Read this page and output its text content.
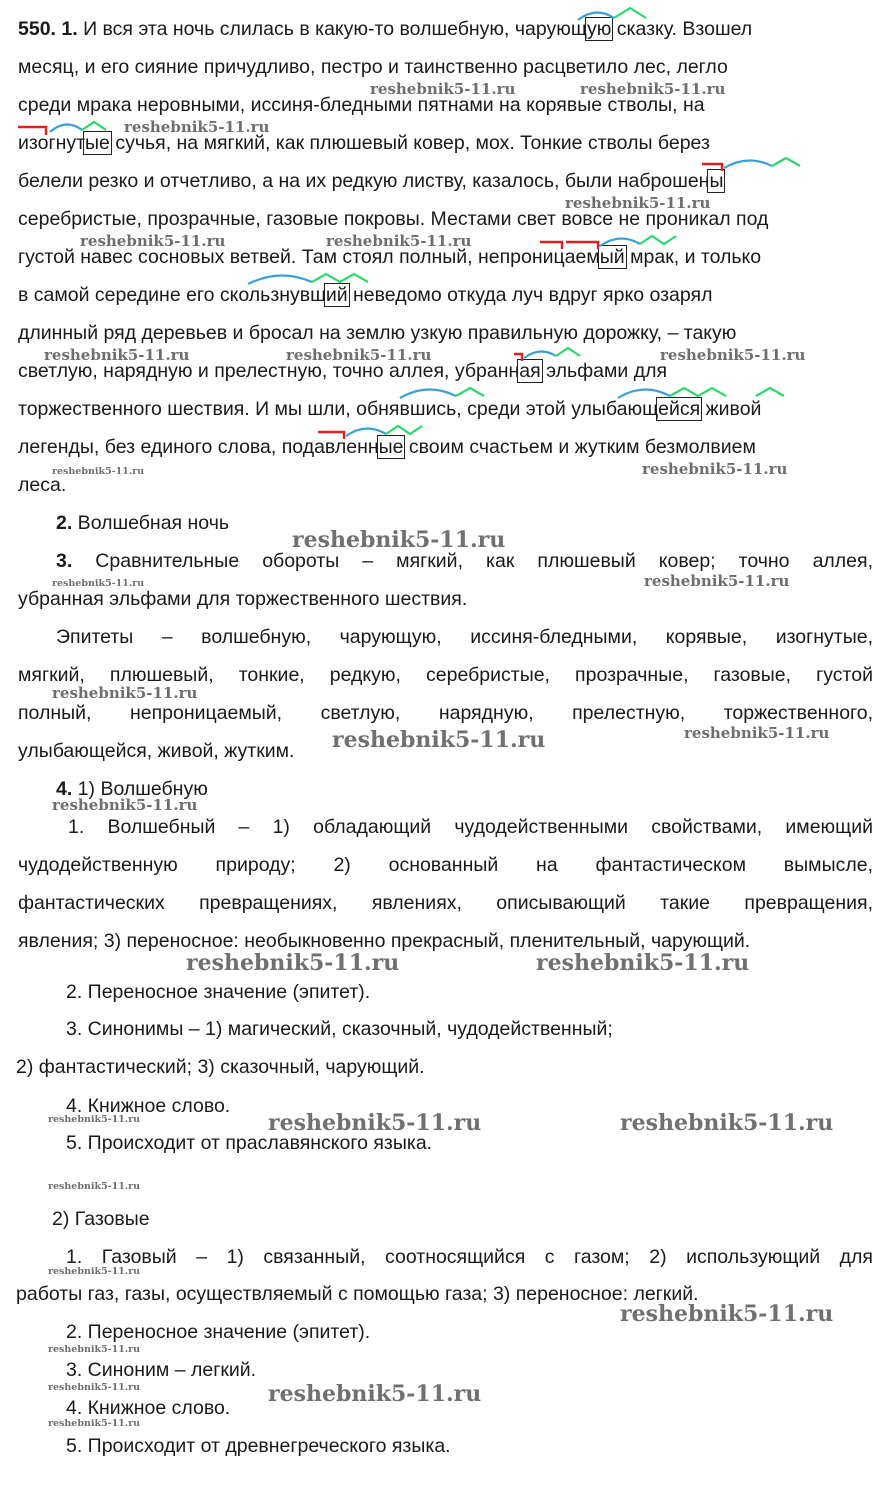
550. 1. И вся эта ночь слилась в какую-то волшебную, чарующую сказку. Взошел
месяц, и его сияние причудливо, пестро и таинственно расцветило лес, легло
среди мрака неровными, иссиня-бледными пятнами на корявые стволы, на
изогнутые сучья, на мягкий, как плюшевый ковер, мох. Тонкие стволы берез
белели резко и отчетливо, а на их редкую листву, казалось, были наброшены
серебристые, прозрачные, газовые покровы. Местами свет вовсе не проникал под
густой навес сосновых ветвей. Там стоял полный, непроницаемый мрак, и только
в самой середине его скользнувший неведомо откуда луч вдруг ярко озарял
длинный ряд деревьев и бросал на землю узкую правильную дорожку, – такую
светлую, нарядную и прелестную, точно аллея, убранная эльфами для
торжественного шествия. И мы шли, обнявшись, среди этой улыбающейся живой
легенды, без единого слова, подавленные своим счастьем и жутким безмолвием
леса.
2. Волшебная ночь
3. Сравнительные обороты – мягкий, как плюшевый ковер; точно аллея,
убранная эльфами для торжественного шествия.
Эпитеты – волшебную, чарующую, иссиня-бледными, корявые, изогнутые,
мягкий, плюшевый, тонкие, редкую, серебристые, прозрачные, газовые, густой
полный, непроницаемый, светлую, нарядную, прелестную, торжественного,
улыбающейся, живой, жутким.
4. 1) Волшебную
1. Волшебный – 1) обладающий чудодейственными свойствами, имеющий
чудодейственную природу; 2) основанный на фантастическом вымысле,
фантастических превращениях, явлениях, описывающий такие превращения,
явления; 3) переносное: необыкновенно прекрасный, пленительный, чарующий.
2. Переносное значение (эпитет).
3. Синонимы – 1) магический, сказочный, чудодейственный;
2) фантастический; 3) сказочный, чарующий.
4. Книжное слово.
5. Происходит от праславянского языка.
2) Газовые
1. Газовый – 1) связанный, соотносящийся с газом; 2) использующий для
работы газ, газы, осуществляемый с помощью газа; 3) переносное: легкий.
2. Переносное значение (эпитет).
3. Синоним – легкий.
4. Книжное слово.
5. Происходит от древнегреческого языка.
reshebnik5-11.ru	reshebnik5-11.ru
reshebnik5-11.ru
reshebnik5-11.ru
reshebnik5-11.ru	reshebnik5-11.ru
reshebnik5-11.ru	reshebnik5-11.ru	reshebnik5-11.ru
reshebnik5-11.ru
reshebnik5-11.ru
reshebnik5-11.ru
reshebnik5-11.ru	reshebnik5-11.ru
reshebnik5-11.ru
reshebnik5-11.ru
reshebnik5-11.ru
reshebnik5-11.ru
reshebnik5-11.ru	reshebnik5-11.ru
reshebnik5-11.ru	reshebnik5-11.ru
reshebnik5-11.ru
reshebnik5-11.ru
reshebnik5-11.ru
reshebnik5-11.ru
reshebnik5-11.ru
reshebnik5-11.ru
reshebnik5-11.ru
reshebnik5-11.ru
